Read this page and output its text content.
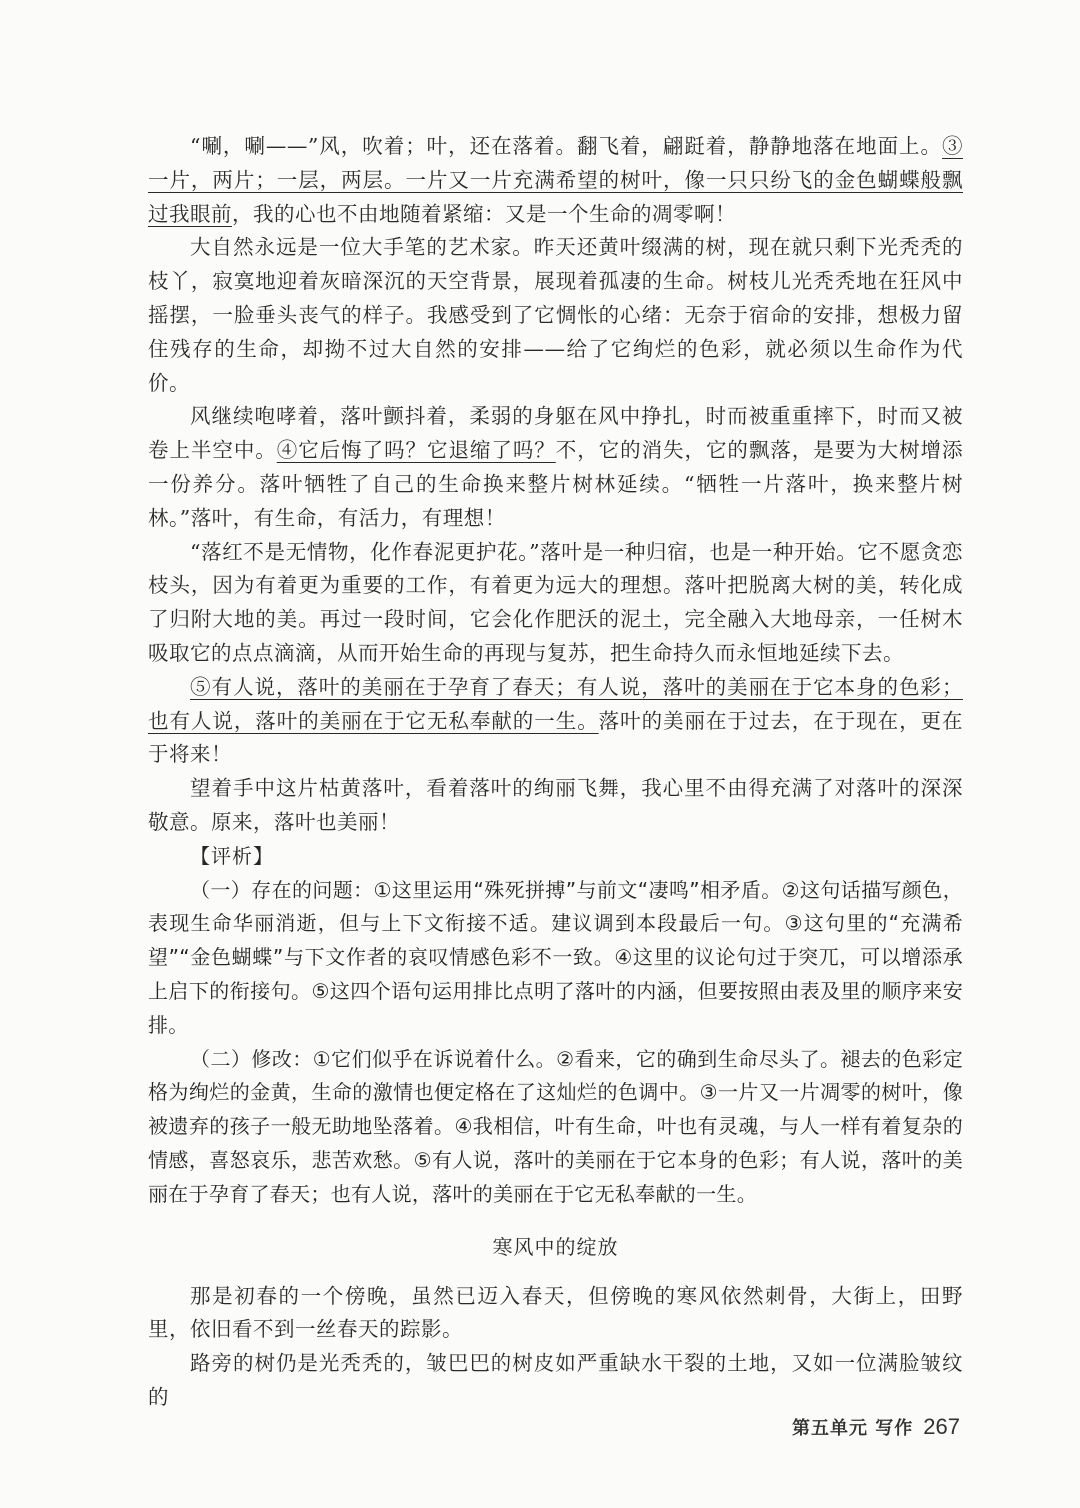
“唰，唰——”风，吹着；叶，还在落着。翻飞着，翩跹着，静静地落在地面上。③一片，两片；一层，两层。一片又一片充满希望的树叶，像一只只纷飞的金色蝴蝶般飘过我眼前，我的心也不由地随着紧缩：又是一个生命的凋零啊！

大自然永远是一位大手笔的艺术家。昨天还黄叶缀满的树，现在就只剩下光秃秃的枝丫，寂寞地迎着灰暗深沉的天空背景，展现着孤凄的生命。树枝儿光秃秃地在狂风中摇摆，一脸垂头丧气的样子。我感受到了它惆怅的心绪：无奈于宿命的安排，想极力留住残存的生命，却拗不过大自然的安排——给了它绚烂的色彩，就必须以生命作为代价。

风继续咆哮着，落叶颤抖着，柔弱的身躯在风中挣扎，时而被重重摔下，时而又被卷上半空中。④它后悔了吗？它退缩了吗？不，它的消失，它的飘落，是要为大树增添一份养分。落叶牺牲了自己的生命换来整片树林延续。“牺牲一片落叶，换来整片树林。”落叶，有生命，有活力，有理想！

“落红不是无情物，化作春泥更护花。”落叶是一种归宿，也是一种开始。它不愿贪恋枝头，因为有着更为重要的工作，有着更为远大的理想。落叶把脱离大树的美，转化成了归附大地的美。再过一段时间，它会化作肥沃的泥土，完全融入大地母亲，一任树木吸取它的点点滴滴，从而开始生命的再现与复苏，把生命持久而永恒地延续下去。

⑤有人说，落叶的美丽在于孕育了春天；有人说，落叶的美丽在于它本身的色彩；也有人说，落叶的美丽在于它无私奉献的一生。落叶的美丽在于过去，在于现在，更在于将来！

望着手中这片枯黄落叶，看着落叶的绚丽飞舞，我心里不由得充满了对落叶的深深敬意。原来，落叶也美丽！

【评析】

（一）存在的问题：①这里运用“殊死拼搏”与前文“凄鸣”相矛盾。②这句话描写颜色，表现生命华丽消逝，但与上下文衔接不适。建议调到本段最后一句。③这句里的“充满希望”“金色蝴蝶”与下文作者的哀叹情感色彩不一致。④这里的议论句过于突兀，可以增添承上启下的衔接句。⑤这四个语句运用排比点明了落叶的内涵，但要按照由表及里的顺序来安排。

（二）修改：①它们似乎在诉说着什么。②看来，它的确到生命尽头了。褪去的色彩定格为绚烂的金黄，生命的激情也便定格在了这灿烂的色调中。③一片又一片凋零的树叶，像被遗弃的孩子一般无助地坠落着。④我相信，叶有生命，叶也有灵魂，与人一样有着复杂的情感，喜怒哀乐，悲苦欢愁。⑤有人说，落叶的美丽在于它本身的色彩；有人说，落叶的美丽在于孕育了春天；也有人说，落叶的美丽在于它无私奉献的一生。

寒风中的绽放

那是初春的一个傍晚，虽然已迈入春天，但傍晚的寒风依然刺骨，大街上，田野里，依旧看不到一丝春天的踪影。

路旁的树仍是光秃秃的，皱巴巴的树皮如严重缺水干裂的土地，又如一位满脸皱纹的

第五单元 写作 267
